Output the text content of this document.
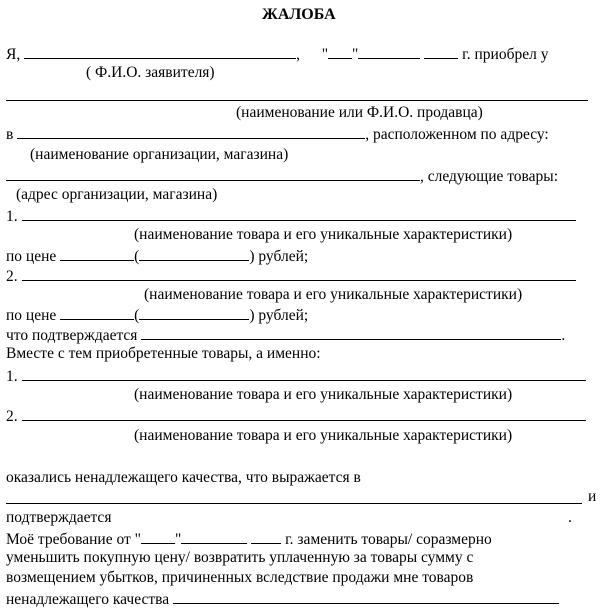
ЖАЛОБА
Я,	, " "	г. приобрел у
( Ф.И.О. заявителя)
(наименование или Ф.И.О. продавца)
в	, расположенном по адресу:
(наименование организации, магазина)
, следующие товары:
(адрес организации, магазина)
1.
(наименование товара и его уникальные характеристики)
по цене	(	) рублей;
2.
(наименование товара и его уникальные характеристики)
по цене	(	) рублей;
что подтверждается	.
Вместе с тем приобретенные товары, а именно:
1.
(наименование товара и его уникальные характеристики)
2.
(наименование товара и его уникальные характеристики)
оказались ненадлежащего качества, что выражается в
и
подтверждается	.
Моё требование от " "	г. заменить товары/ соразмерно
уменьшить покупную цену/ возвратить уплаченную за товары сумму с
возмещением убытков, причиненных вследствие продажи мне товаров
ненадлежащего качества
